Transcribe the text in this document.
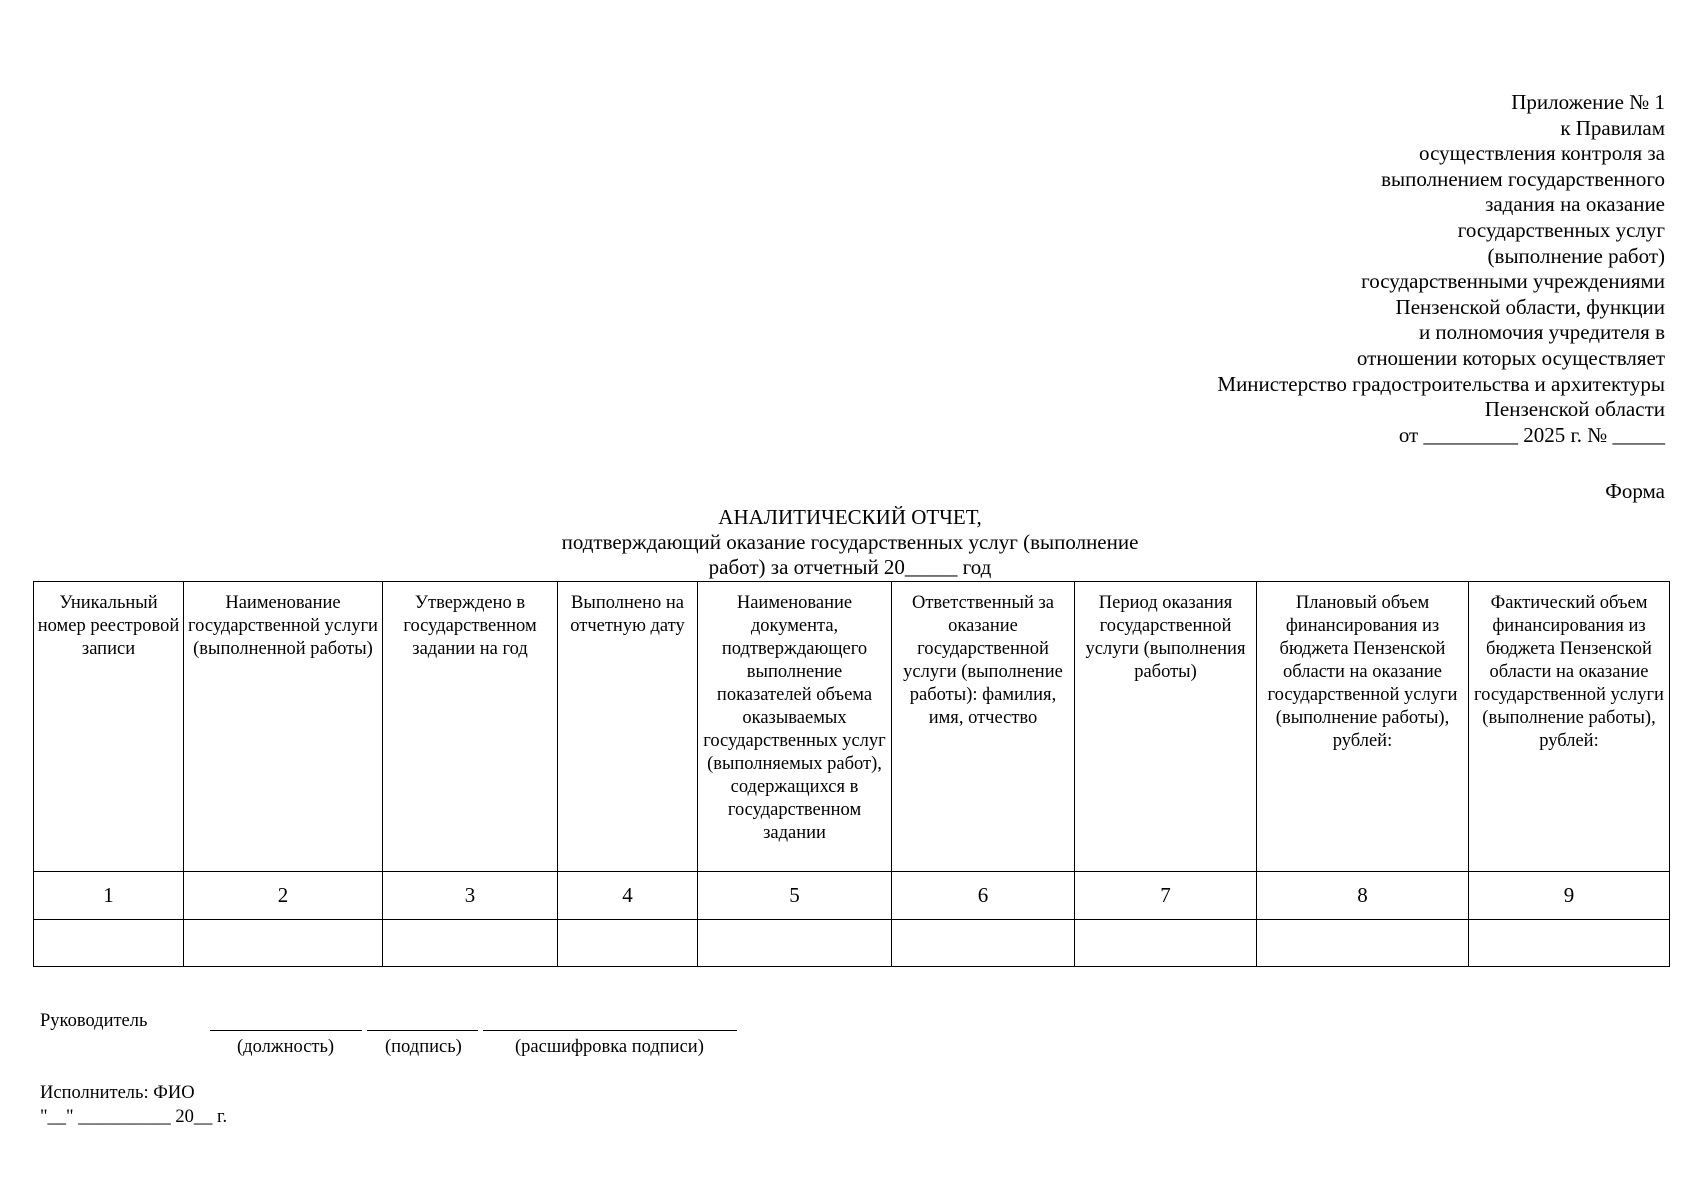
Приложение № 1
к Правилам
осуществления контроля за
выполнением государственного
задания на оказание
государственных услуг
(выполнение работ)
государственными учреждениями
Пензенской области, функции
и полномочия учредителя в
отношении которых осуществляет
Министерство градостроительства и архитектуры
Пензенской области
от _________ 2025 г. № _____
Форма
АНАЛИТИЧЕСКИЙ ОТЧЕТ,
подтверждающий оказание государственных услуг (выполнение
работ) за отчетный 20_____ год
Уникальный номер реестровой записи	Наименование государственной услуги (выполненной работы)	Утверждено в государственном задании на год	Выполнено на отчетную дату	Наименование документа, подтверждающего выполнение показателей объема оказываемых государственных услуг (выполняемых работ), содержащихся в государственном задании	Ответственный за оказание государственной услуги (выполнение работы): фамилия, имя, отчество	Период оказания государственной услуги (выполнения работы)	Плановый объем финансирования из бюджета Пензенской области на оказание государственной услуги (выполнение работы), рублей:	Фактический объем финансирования из бюджета Пензенской области на оказание государственной услуги (выполнение работы), рублей:
1	2	3	4	5	6	7	8	9

Руководитель
(должность)	(подпись)	(расшифровка подписи)
Исполнитель: ФИО
"__" __________ 20__ г.
